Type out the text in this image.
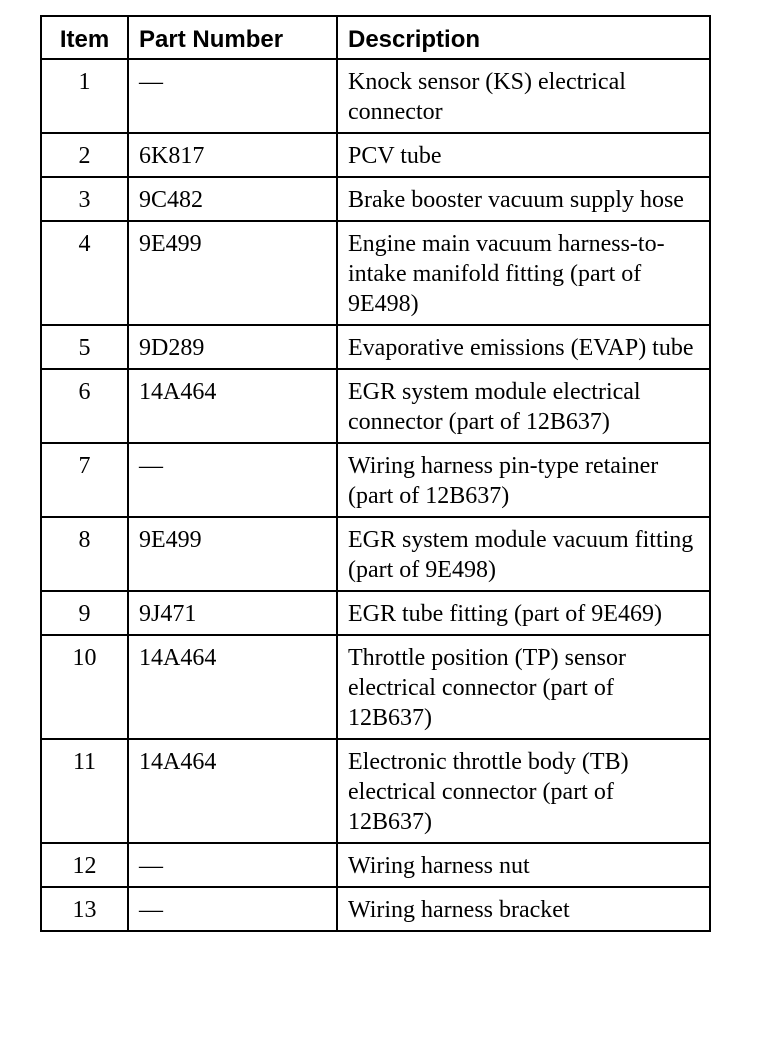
Item	Part Number	Description
1	—	Knock sensor (KS) electrical connector
2	6K817	PCV tube
3	9C482	Brake booster vacuum supply hose
4	9E499	Engine main vacuum harness-to-intake manifold fitting (part of 9E498)
5	9D289	Evaporative emissions (EVAP) tube
6	14A464	EGR system module electrical connector (part of 12B637)
7	—	Wiring harness pin-type retainer (part of 12B637)
8	9E499	EGR system module vacuum fitting (part of 9E498)
9	9J471	EGR tube fitting (part of 9E469)
10	14A464	Throttle position (TP) sensor electrical connector (part of 12B637)
11	14A464	Electronic throttle body (TB) electrical connector (part of 12B637)
12	—	Wiring harness nut
13	—	Wiring harness bracket
